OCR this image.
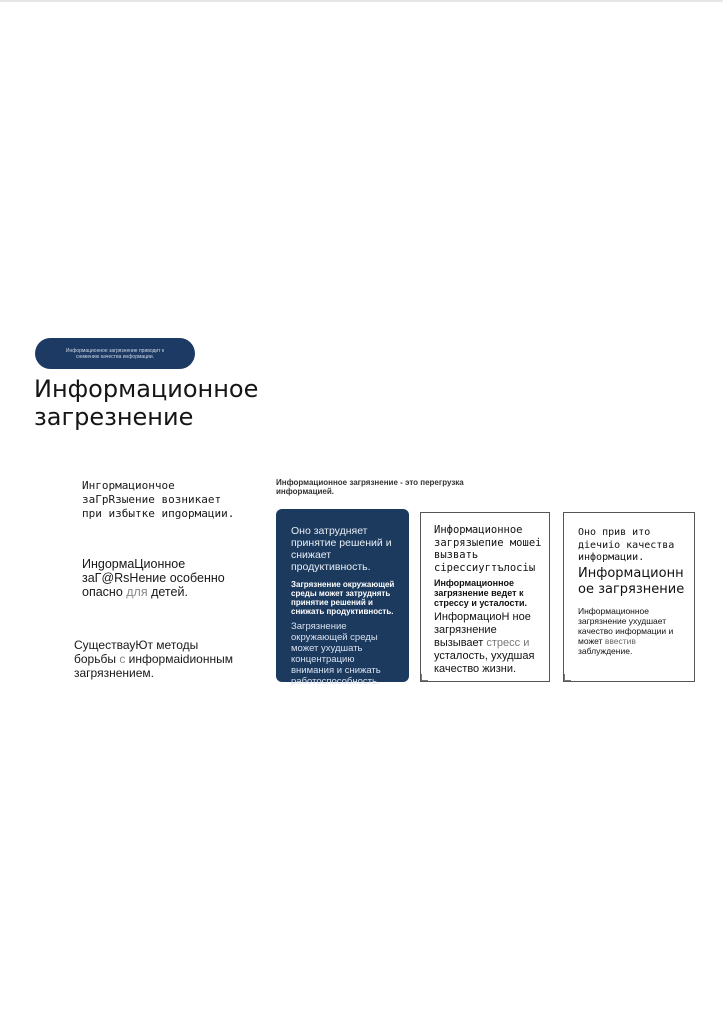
Информационное загрязнение приводит к снижению качества информации.
Информационное
загрезнение
Ингормациончое заГрRзыение возникает при избытке ипgормации.
ИнgормаЦионное заГ@RsНение особенно опасно для детей.
СуществауЮт методы борьбы с информаidионным загрязнением.
Информационное загрязнение - это перегрузка информацией.
Оно затрудняет принятие решений и снижает продуктивность.
Загрязнение окружающей среды может затруднять принятие решений и снижать продуктивность.
Загрязнение окружающей среды может ухудшать концентрацию внимания и снижать работоспособность.
Информационное загрязыепие мошеі вызвать сірессиугтълосіы
Информационное загрязнение ведет к стрессу и усталости.
ИнформациоН ное загрязнение вызывает стресс и усталость, ухудшая качество жизни.
Оно прив ито діечиіо качества информации.
Информационн ое загрязнение
Информационное загрязнение ухудшает качество информации и может ввестив заблуждение.
